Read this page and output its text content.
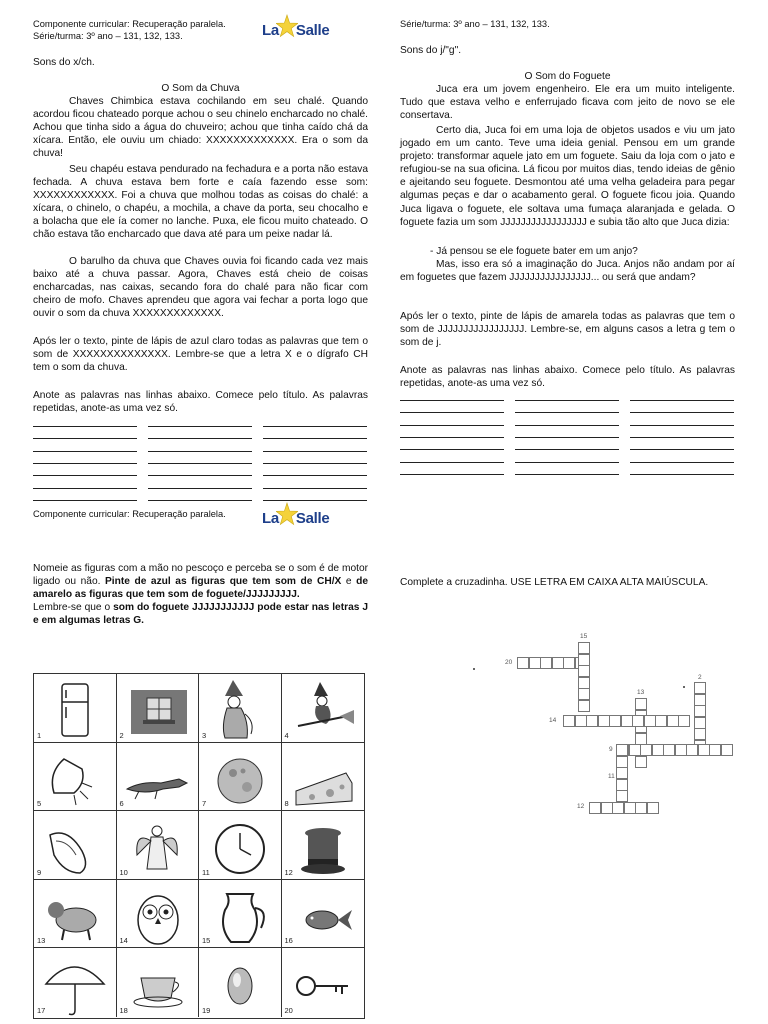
Componente curricular: Recuperação paralela.
Série/turma: 3º ano – 131, 132, 133.	La Salle
Sons do x/ch.
O Som da Chuva

Chaves Chimbica estava cochilando em seu chalé. Quando acordou ficou chateado porque achou o seu chinelo encharcado no chalé. Achou que tinha sido a água do chuveiro; achou que tinha caído chá da xícara. Então, ele ouviu um chiado: XXXXXXXXXXXXX. Era o som da chuva!

Seu chapéu estava pendurado na fechadura e a porta não estava fechada. A chuva estava bem forte e caía fazendo esse som: XXXXXXXXXXXX. Foi a chuva que molhou todas as coisas do chalé: a xícara, o chinelo, o chapéu, a mochila, a chave da porta, seu chocalho e a bolacha que ele ía comer no lanche. Puxa, ele ficou muito chateado. O chão estava tão encharcado que dava até para um peixe nadar lá.

O barulho da chuva que Chaves ouvia foi ficando cada vez mais baixo até a chuva passar. Agora, Chaves está cheio de coisas encharcadas, nas caixas, secando fora do chalé para não ficar com cheiro de mofo. Chaves aprendeu que agora vai fechar a porta logo que ouvir o som da chuva XXXXXXXXXXXXX.

Após ler o texto, pinte de lápis de azul claro todas as palavras que tem o som de XXXXXXXXXXXXXX. Lembre-se que a letra X e o dígrafo CH tem o som da chuva.

Anote as palavras nas linhas abaixo. Comece pelo título. As palavras repetidas, anote-as uma vez só.

Série/turma: 3º ano – 131, 132, 133.
Sons do j/"g".
O Som do Foguete

Juca era um jovem engenheiro. Ele era um muito inteligente. Tudo que estava velho e enferrujado ficava com jeito de novo se ele consertava.

Certo dia, Juca foi em uma loja de objetos usados e viu um jato jogado em um canto. Teve uma ideia genial. Pensou em um grande projeto: transformar aquele jato em um foguete. Saiu da loja com o jato e refugiou-se na sua oficina. Lá ficou por muitos dias, tendo ideias de gênio e ajeitando seu foguete. Desmontou até uma velha geladeira para pegar algumas peças e dar o acabamento geral. O foguete ficou joia. Quando Juca ligava o foguete, ele soltava uma fumaça alaranjada e gelada. O foguete fazia um som JJJJJJJJJJJJJJJJJ e subia tão alto que Juca dizia:

- Já pensou se ele foguete bater em um anjo?

Mas, isso era só a imaginação do Juca. Anjos não andam por aí em foguetes que fazem JJJJJJJJJJJJJJJJ... ou será que andam?

Após ler o texto, pinte de lápis de amarela todas as palavras que tem o som de JJJJJJJJJJJJJJJJJ. Lembre-se, em alguns casos a letra g tem o som de j.

Anote as palavras nas linhas abaixo. Comece pelo título. As palavras repetidas, anote-as uma vez só.

Componente curricular: Recuperação paralela. La Salle

Nomeie as figuras com a mão no pescoço e perceba se o som é de motor ligado ou não. Pinte de azul as figuras que tem som de CH/X e de amarelo as figuras que tem som de foguete/JJJJJJJJJ.
Lembre-se que o som do foguete JJJJJJJJJJJ pode estar nas letras J e em algumas letras G.

1	2	3	4
5	6	7	8
9	10	11	12
13	14	15	16
17	18	19	20

Complete a cruzadinha. USE LETRA EM CAIXA ALTA MAIÚSCULA.

15
20
13
2
14
9
11
12
